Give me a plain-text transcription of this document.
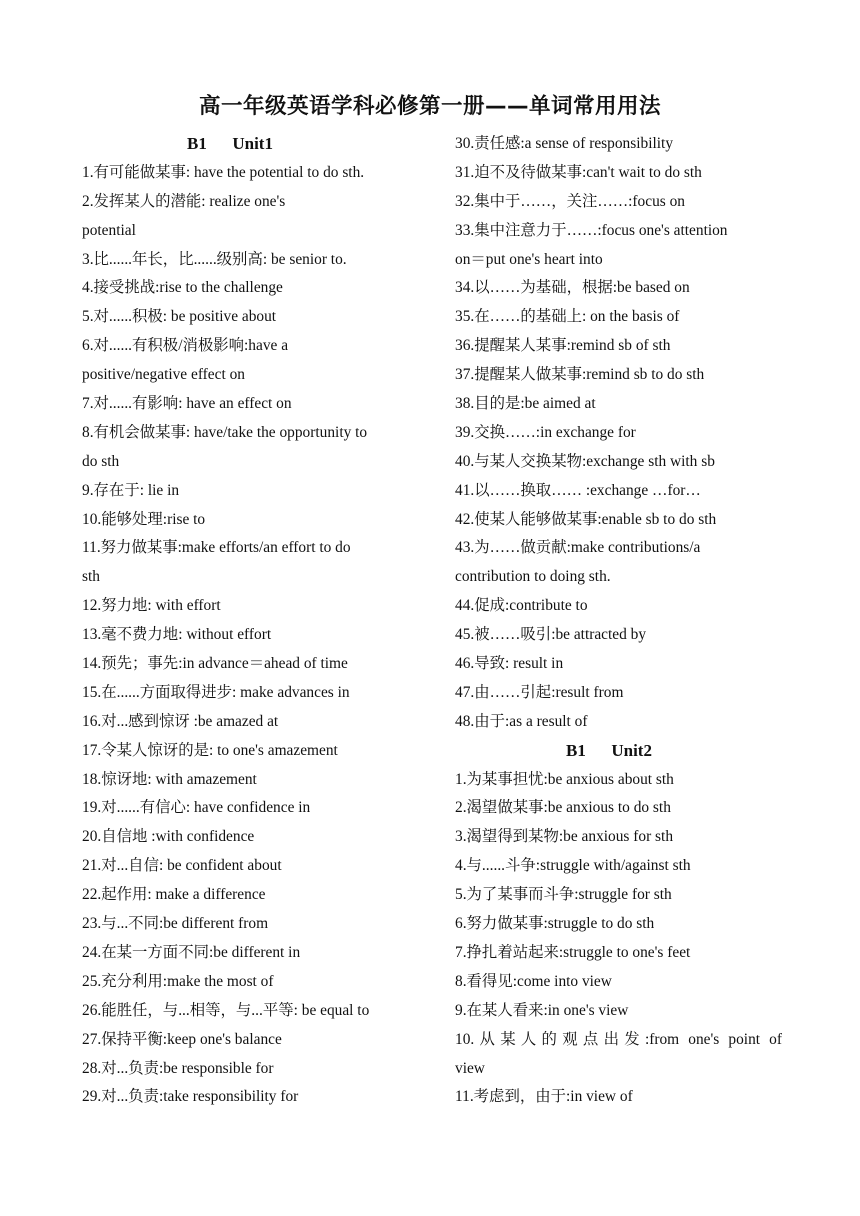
高一年级英语学科必修第一册——单词常用用法
B1      Unit1
1.有可能做某事: have the potential to do sth.
2.发挥某人的潜能: realize one's
potential
3.比......年长，比......级别高: be senior to.
4.接受挑战:rise to the challenge
5.对......积极: be positive about
6.对......有积极/消极影响:have a
positive/negative effect on
7.对......有影响: have an effect on
8.有机会做某事: have/take the opportunity to
do sth
9.存在于: lie in
10.能够处理:rise to
11.努力做某事:make efforts/an effort to do
sth
12.努力地: with effort
13.毫不费力地: without effort
14.预先；事先:in advance＝ahead of time
15.在......方面取得进步: make advances in
16.对...感到惊讶 :be amazed at
17.令某人惊讶的是: to one's amazement
18.惊讶地: with amazement
19.对......有信心: have confidence in
20.自信地 :with confidence
21.对...自信: be confident about
22.起作用: make a difference
23.与...不同:be different from
24.在某一方面不同:be different in
25.充分利用:make the most of
26.能胜任，与...相等，与...平等: be equal to
27.保持平衡:keep one's balance
28.对...负责:be responsible for
29.对...负责:take responsibility for
30.责任感:a sense of responsibility
31.迫不及待做某事:can't wait to do sth
32.集中于……，关注……:focus on
33.集中注意力于……:focus one's attention
on＝put one's heart into
34.以……为基础，根据:be based on
35.在……的基础上: on the basis of
36.提醒某人某事:remind sb of sth
37.提醒某人做某事:remind sb to do sth
38.目的是:be aimed at
39.交换……:in exchange for
40.与某人交换某物:exchange sth with sb
41.以……换取…… :exchange …for…
42.使某人能够做某事:enable sb to do sth
43.为……做贡献:make contributions/a
contribution to doing sth.
44.促成:contribute to
45.被……吸引:be attracted by
46.导致: result in
47.由……引起:result from
48.由于:as a result of
B1      Unit2
1.为某事担忧:be anxious about sth
2.渴望做某事:be anxious to do sth
3.渴望得到某物:be anxious for sth
4.与......斗争:struggle with/against sth
5.为了某事而斗争:struggle for sth
6.努力做某事:struggle to do sth
7.挣扎着站起来:struggle to one's feet
8.看得见:come into view
9.在某人看来:in one's view
10.从某人的观点出发:from one's point of
view
11.考虑到，由于:in view of
